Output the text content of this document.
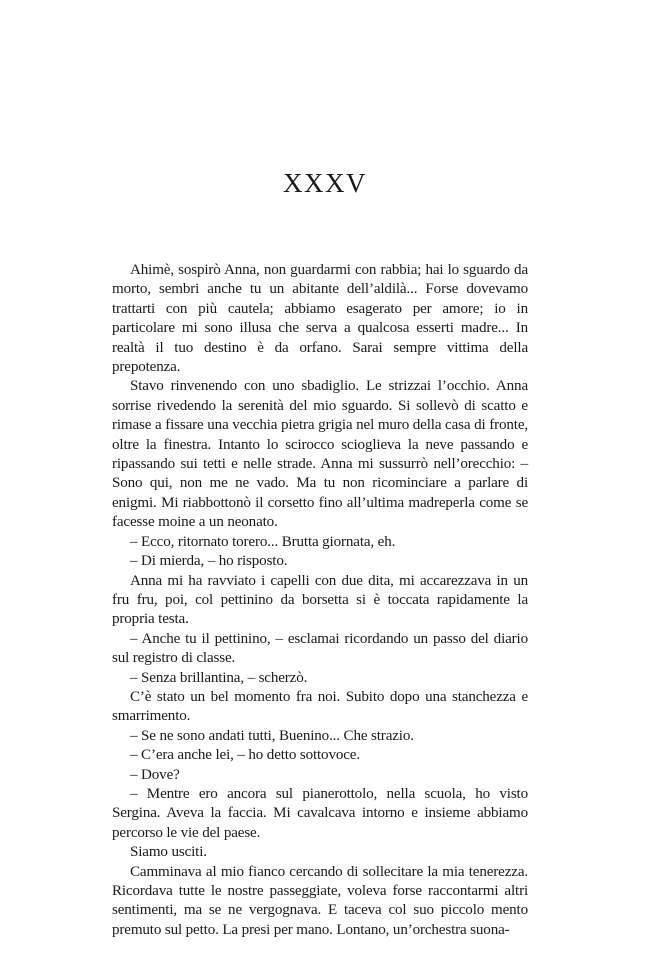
XXXV

Ahimè, sospirò Anna, non guardarmi con rabbia; hai lo sguardo da morto, sembri anche tu un abitante dell’aldilà... Forse dovevamo trattarti con più cautela; abbiamo esagerato per amore; io in particolare mi sono illusa che serva a qualcosa esserti madre... In realtà il tuo destino è da orfano. Sarai sempre vittima della prepotenza.

Stavo rinvenendo con uno sbadiglio. Le strizzai l’occhio. Anna sorrise rivedendo la serenità del mio sguardo. Si sollevò di scatto e rimase a fissare una vecchia pietra grigia nel muro della casa di fronte, oltre la finestra. Intanto lo scirocco scioglieva la neve passando e ripassando sui tetti e nelle strade. Anna mi sussurrò nell’orecchio: – Sono qui, non me ne vado. Ma tu non ricominciare a parlare di enigmi. Mi riabbottonò il corsetto fino all’ultima madreperla come se facesse moine a un neonato.

– Ecco, ritornato torero... Brutta giornata, eh.

– Di mierda, – ho risposto.

Anna mi ha ravviato i capelli con due dita, mi accarezzava in un fru fru, poi, col pettinino da borsetta si è toccata rapidamente la propria testa.

– Anche tu il pettinino, – esclamai ricordando un passo del diario sul registro di classe.

– Senza brillantina, – scherzò.

C’è stato un bel momento fra noi. Subito dopo una stanchezza e smarrimento.

– Se ne sono andati tutti, Buenino... Che strazio.

– C’era anche lei, – ho detto sottovoce.

– Dove?

– Mentre ero ancora sul pianerottolo, nella scuola, ho visto Sergina. Aveva la faccia. Mi cavalcava intorno e insieme abbiamo percorso le vie del paese.

Siamo usciti.

Camminava al mio fianco cercando di sollecitare la mia tenerezza. Ricordava tutte le nostre passeggiate, voleva forse raccontarmi altri sentimenti, ma se ne vergognava. E taceva col suo piccolo mento premuto sul petto. La presi per mano. Lontano, un’orchestra suona-
